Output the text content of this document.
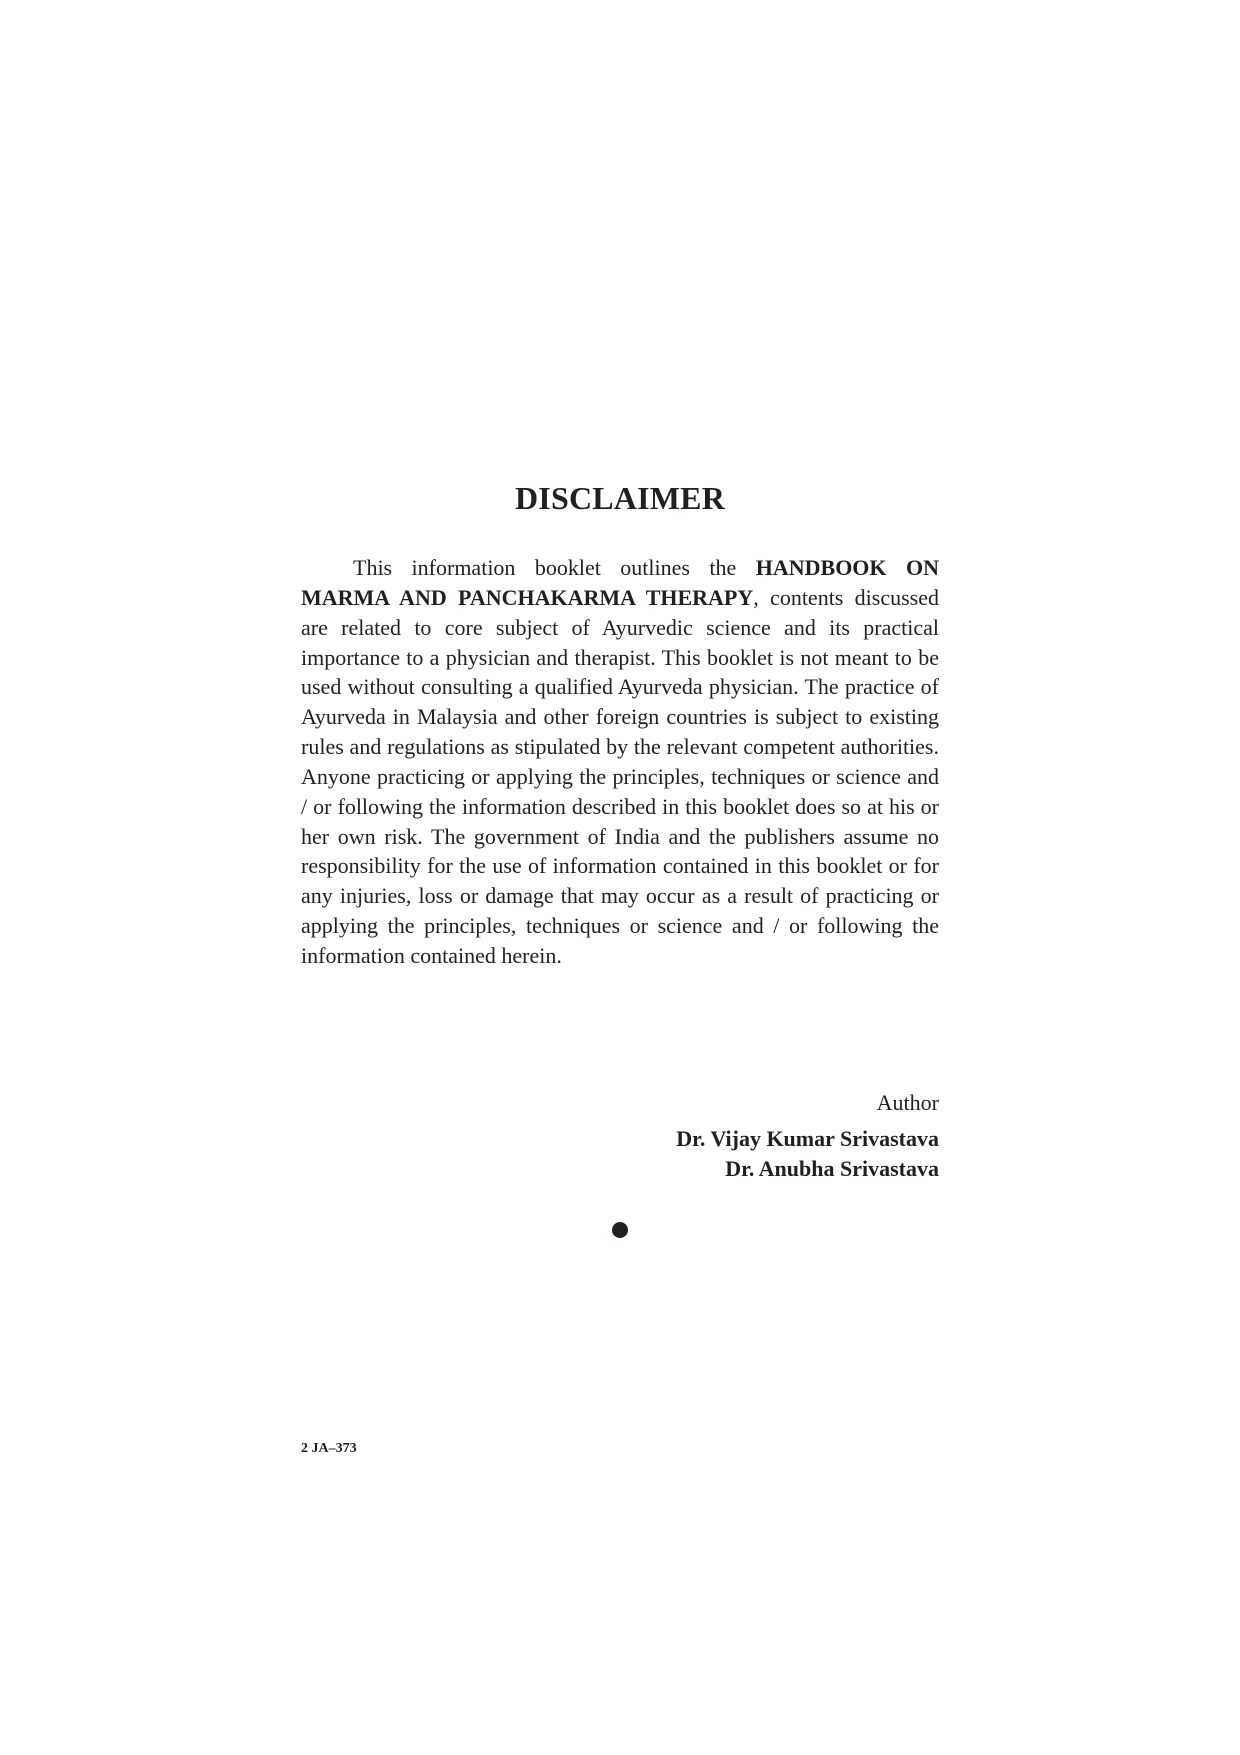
DISCLAIMER

This information booklet outlines the HANDBOOK ON MARMA AND PANCHAKARMA THERAPY, contents discussed are related to core subject of Ayurvedic science and its practical importance to a physician and therapist. This booklet is not meant to be used without consulting a qualified Ayurveda physician. The practice of Ayurveda in Malaysia and other foreign countries is subject to existing rules and regulations as stipulated by the relevant competent authorities. Anyone practicing or applying the principles, techniques or science and / or following the information described in this booklet does so at his or her own risk. The government of India and the publishers assume no responsibility for the use of information contained in this booklet or for any injuries, loss or damage that may occur as a result of practicing or applying the principles, techniques or science and / or following the information contained herein.

Author
Dr. Vijay Kumar Srivastava
Dr. Anubha Srivastava
2 JA–373
